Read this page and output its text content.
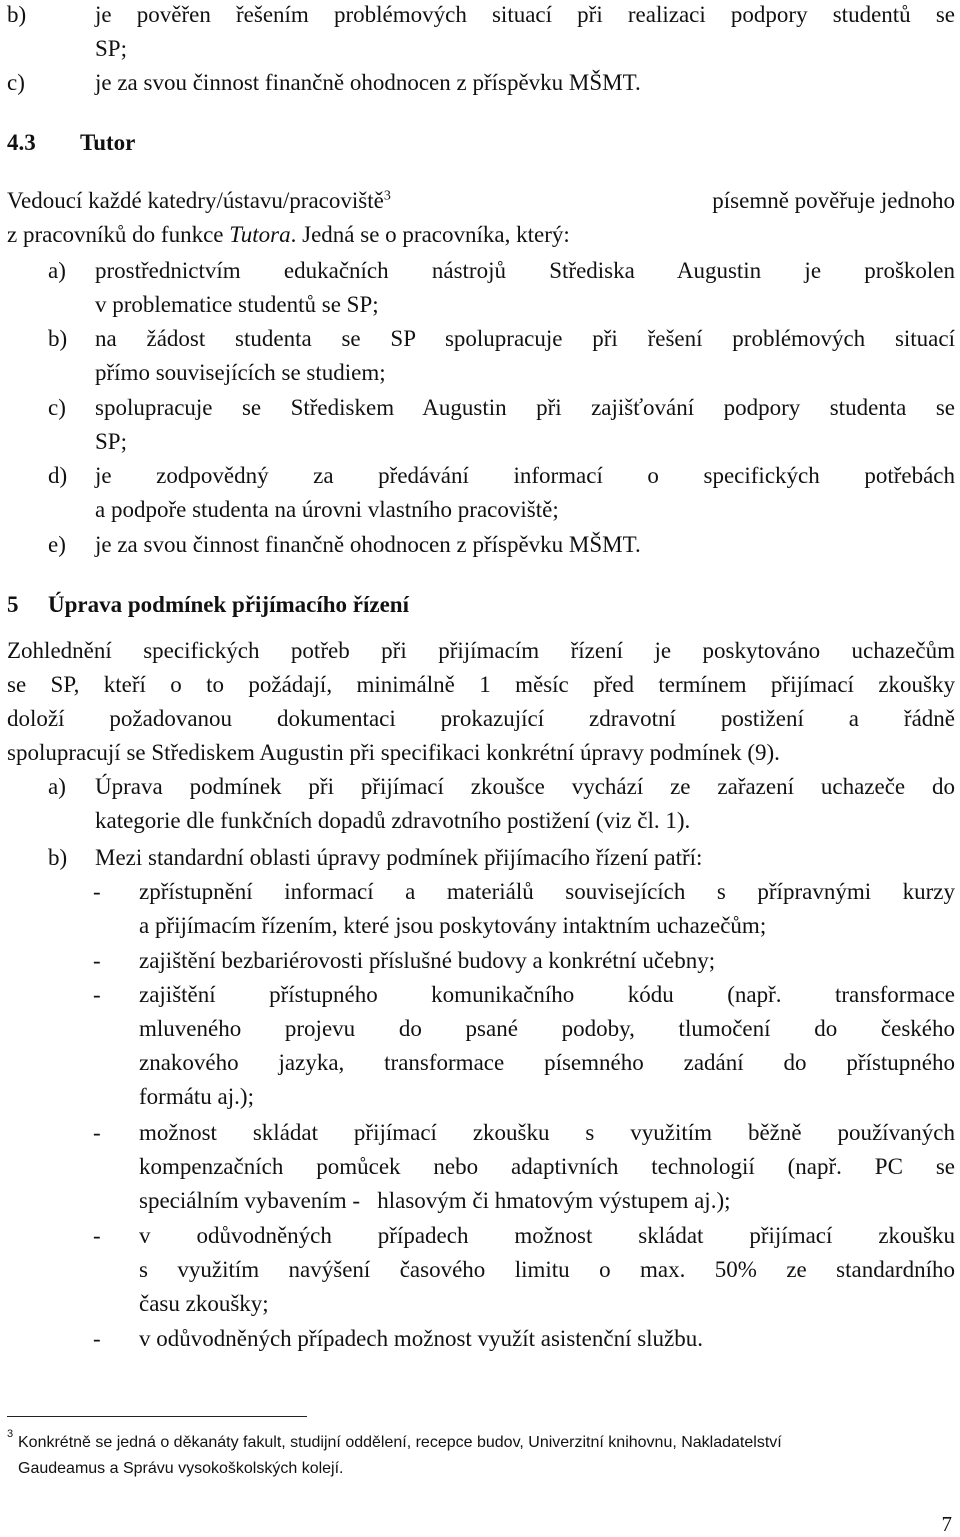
b)	je pověřen řešením problémových situací při realizaci podpory studentů se
SP;
c)	je za svou činnost finančně ohodnocen z příspěvku MŠMT.
4.3 Tutor
Vedoucí každé katedry/ústavu/pracoviště$^3$	písemně pověřuje jednoho
z pracovníků do funkce Tutora. Jedná se o pracovníka, který:
a) prostřednictvím edukačních nástrojů Střediska Augustin je proškolen
v problematice studentů se SP;
b) na žádost studenta se SP spolupracuje při řešení problémových situací
přímo souvisejících se studiem;
c) spolupracuje se Střediskem Augustin při zajišťování podpory studenta se
SP;
d) je zodpovědný za předávání informací o specifických potřebách
a podpoře studenta na úrovni vlastního pracoviště;
e) je za svou činnost finančně ohodnocen z příspěvku MŠMT.
5 Úprava podmínek přijímacího řízení
Zohlednění specifických potřeb při přijímacím řízení je poskytováno uchazečům
se SP, kteří o to požádají, minimálně 1 měsíc před termínem přijímací zkoušky
doloží požadovanou dokumentaci prokazující zdravotní postižení a řádně
spolupracují se Střediskem Augustin při specifikaci konkrétní úpravy podmínek (9).
a) Úprava podmínek při přijímací zkoušce vychází ze zařazení uchazeče do
kategorie dle funkčních dopadů zdravotního postižení (viz čl. 1).
b) Mezi standardní oblasti úpravy podmínek přijímacího řízení patří:
- zpřístupnění informací a materiálů souvisejících s přípravnými kurzy
a přijímacím řízením, které jsou poskytovány intaktním uchazečům;
- zajištění bezbariérovosti příslušné budovy a konkrétní učebny;
- zajištění přístupného komunikačního kódu (např. transformace
mluveného projevu do psané podoby, tlumočení do českého
znakového jazyka, transformace písemného zadání do přístupného
formátu aj.);
- možnost skládat přijímací zkoušku s využitím běžně používaných
kompenzačních pomůcek nebo adaptivních technologií (např. PC se
speciálním vybavením -   hlasovým či hmatovým výstupem aj.);
- v odůvodněných případech možnost skládat přijímací zkoušku
s využitím navýšení časového limitu o max. 50% ze standardního
času zkoušky;
- v odůvodněných případech možnost využít asistenční službu.
3 Konkrétně se jedná o děkanáty fakult, studijní oddělení, recepce budov, Univerzitní knihovnu, Nakladatelství
Gaudeamus a Správu vysokoškolských kolejí.
7
